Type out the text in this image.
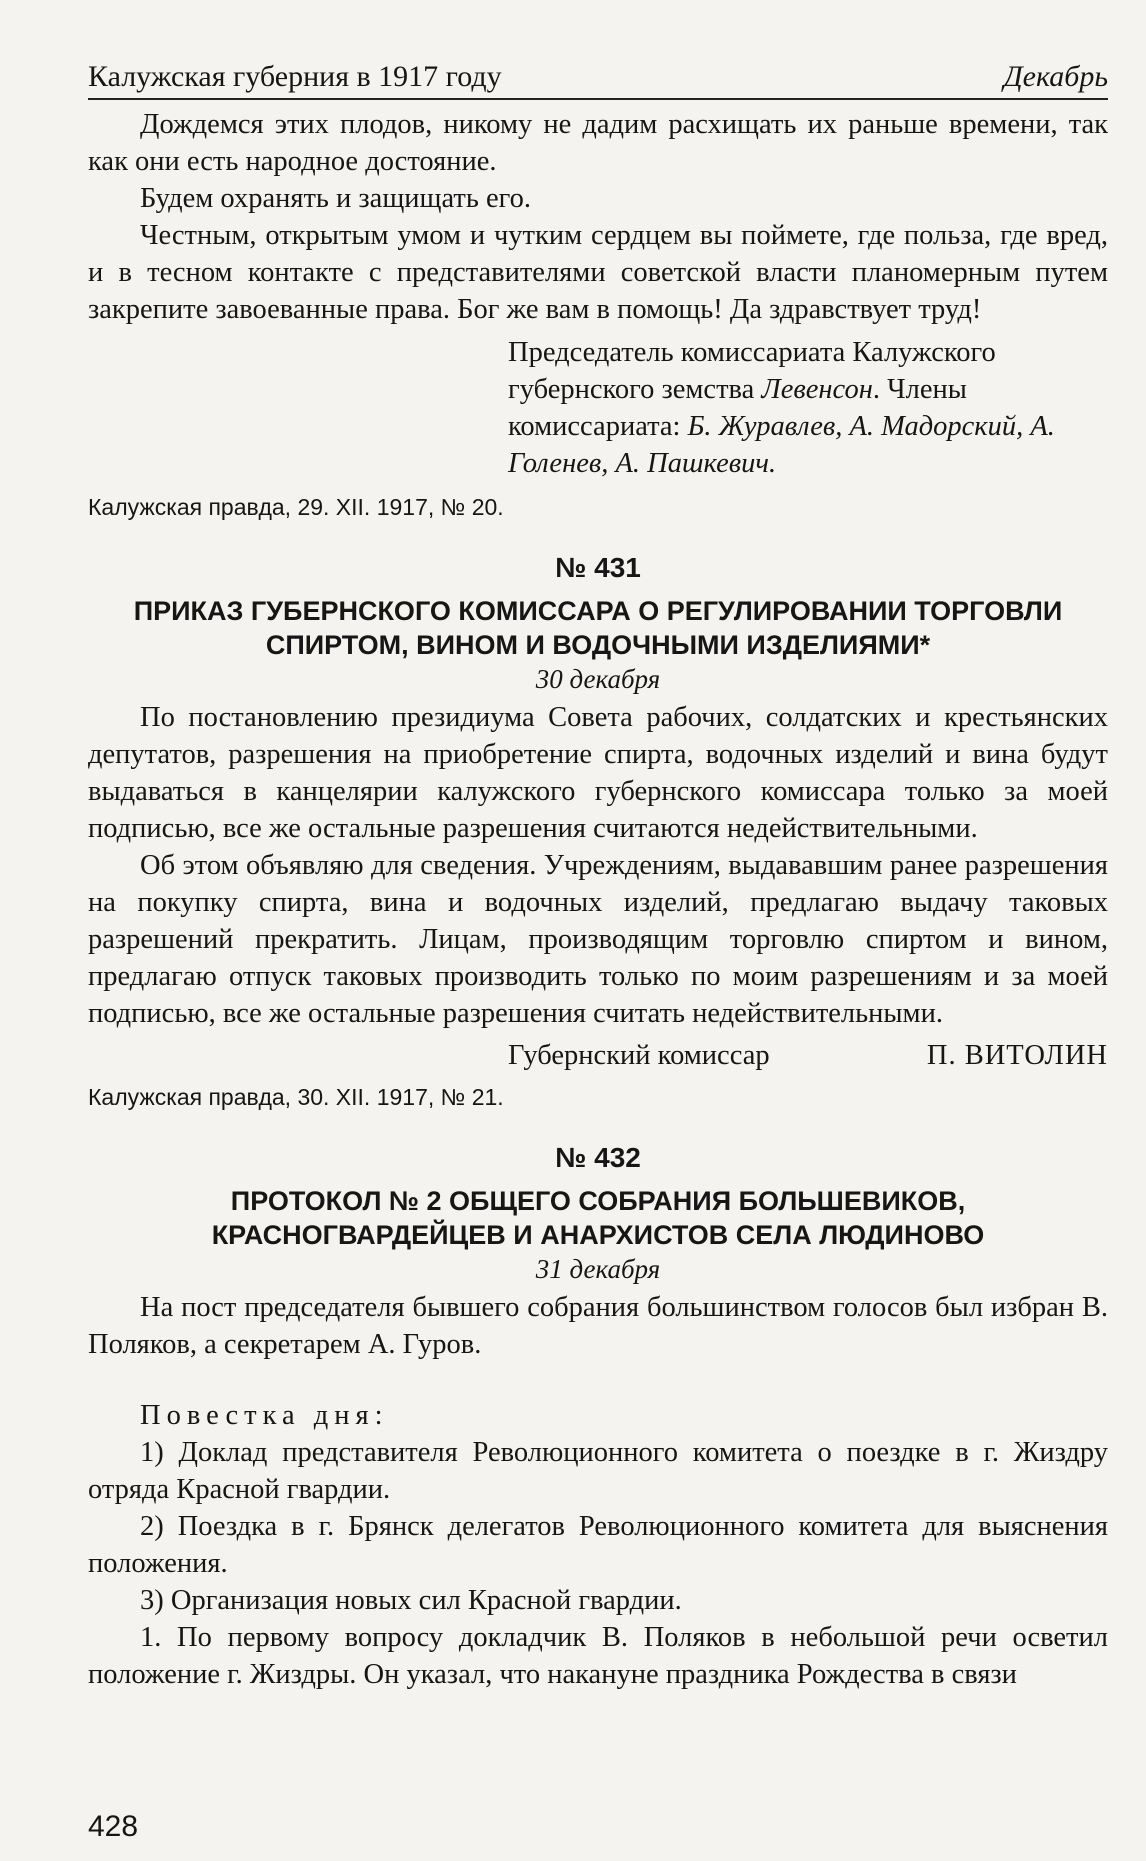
Калужская губерния в 1917 году	Декабрь

Дождемся этих плодов, никому не дадим расхищать их раньше времени, так как они есть народное достояние.

Будем охранять и защищать его.

Честным, открытым умом и чутким сердцем вы поймете, где польза, где вред, и в тесном контакте с представителями советской власти планомерным путем закрепите завоеванные права. Бог же вам в помощь! Да здравствует труд!

Председатель комиссариата Калужского губернского земства Левенсон. Члены комиссариата: Б. Журавлев, А. Мадорский, А. Голенев, А. Пашкевич.

Калужская правда, 29. XII. 1917, № 20.
№ 431
ПРИКАЗ ГУБЕРНСКОГО КОМИССАРА О РЕГУЛИРОВАНИИ ТОРГОВЛИ СПИРТОМ, ВИНОМ И ВОДОЧНЫМИ ИЗДЕЛИЯМИ*
30 декабря

По постановлению президиума Совета рабочих, солдатских и крестьянских депутатов, разрешения на приобретение спирта, водочных изделий и вина будут выдаваться в канцелярии калужского губернского комиссара только за моей подписью, все же остальные разрешения считаются недействительными.

Об этом объявляю для сведения. Учреждениям, выдававшим ранее разрешения на покупку спирта, вина и водочных изделий, предлагаю выдачу таковых разрешений прекратить. Лицам, производящим торговлю спиртом и вином, предлагаю отпуск таковых производить только по моим разрешениям и за моей подписью, все же остальные разрешения считать недействительными.

Губернский комиссар	П. ВИТОЛИН
Калужская правда, 30. XII. 1917, № 21.
№ 432
ПРОТОКОЛ № 2 ОБЩЕГО СОБРАНИЯ БОЛЬШЕВИКОВ, КРАСНОГВАРДЕЙЦЕВ И АНАРХИСТОВ СЕЛА ЛЮДИНОВО
31 декабря

На пост председателя бывшего собрания большинством голосов был избран В. Поляков, а секретарем А. Гуров.

Повестка дня:

1) Доклад представителя Революционного комитета о поездке в г. Жиздру отряда Красной гвардии.

2) Поездка в г. Брянск делегатов Революционного комитета для выяснения положения.

3) Организация новых сил Красной гвардии.

1. По первому вопросу докладчик В. Поляков в небольшой речи осветил положение г. Жиздры. Он указал, что накануне праздника Рождества в связи

428
